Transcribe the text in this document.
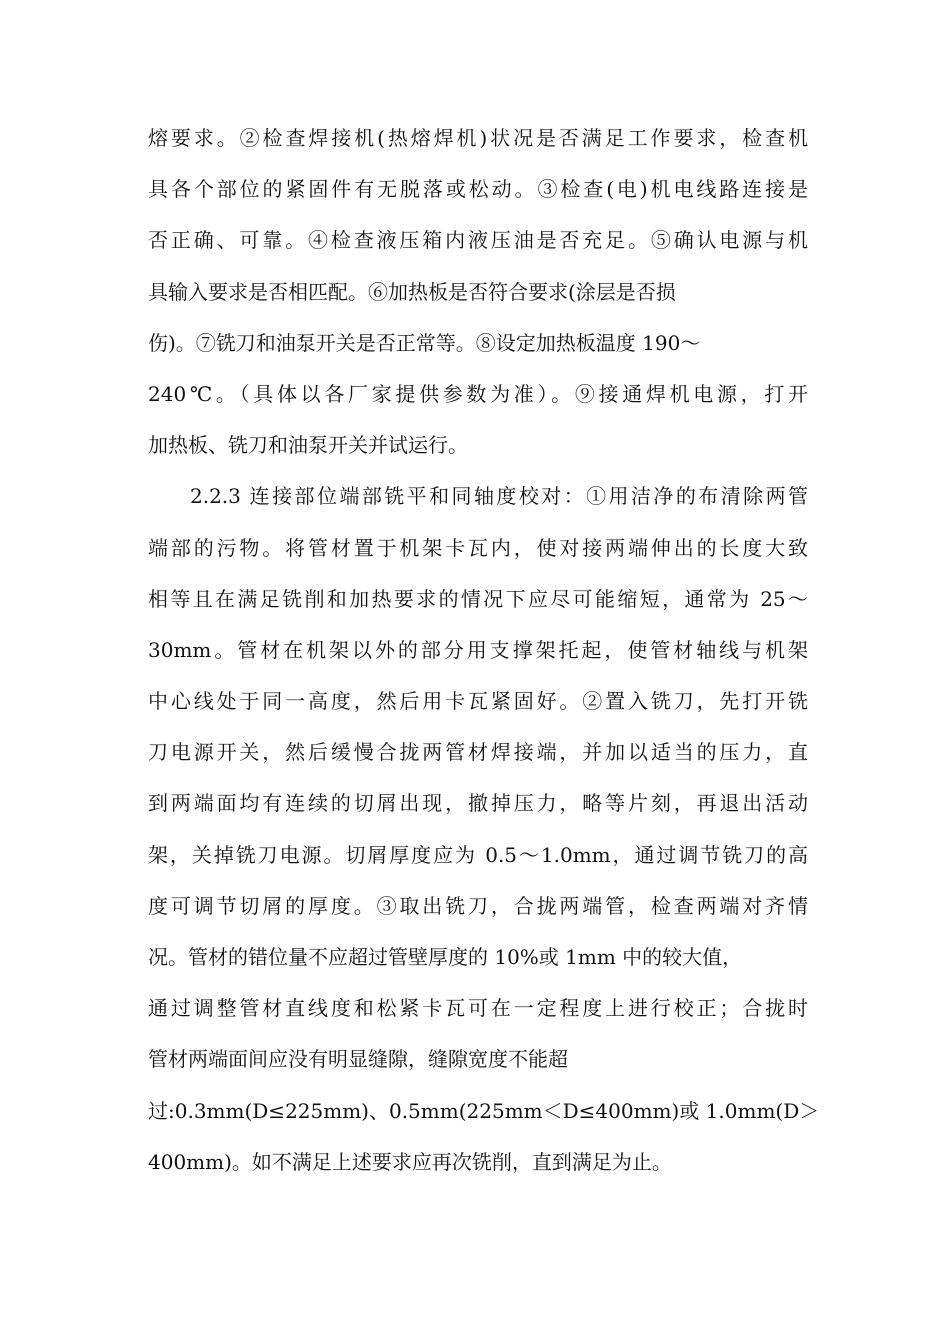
熔要求。②检查焊接机(热熔焊机)状况是否满足工作要求，检查机
具各个部位的紧固件有无脱落或松动。③检查(电)机电线路连接是
否正确、可靠。④检查液压箱内液压油是否充足。⑤确认电源与机
具输入要求是否相匹配。⑥加热板是否符合要求(涂层是否损
伤)。⑦铣刀和油泵开关是否正常等。⑧设定加热板温度 190～
240℃。（具体以各厂家提供参数为准）。⑨接通焊机电源，打开
加热板、铣刀和油泵开关并试运行。
2.2.3 连接部位端部铣平和同轴度校对：①用洁净的布清除两管
端部的污物。将管材置于机架卡瓦内，使对接两端伸出的长度大致
相等且在满足铣削和加热要求的情况下应尽可能缩短，通常为 25～
30mm。管材在机架以外的部分用支撑架托起，使管材轴线与机架
中心线处于同一高度，然后用卡瓦紧固好。②置入铣刀，先打开铣
刀电源开关，然后缓慢合拢两管材焊接端，并加以适当的压力，直
到两端面均有连续的切屑出现，撤掉压力，略等片刻，再退出活动
架，关掉铣刀电源。切屑厚度应为 0.5～1.0mm，通过调节铣刀的高
度可调节切屑的厚度。③取出铣刀，合拢两端管，检查两端对齐情
况。管材的错位量不应超过管壁厚度的 10%或 1mm 中的较大值，
通过调整管材直线度和松紧卡瓦可在一定程度上进行校正；合拢时
管材两端面间应没有明显缝隙，缝隙宽度不能超
过:0.3mm(D≤225mm)、0.5mm(225mm＜D≤400mm)或 1.0mm(D＞
400mm)。如不满足上述要求应再次铣削，直到满足为止。
